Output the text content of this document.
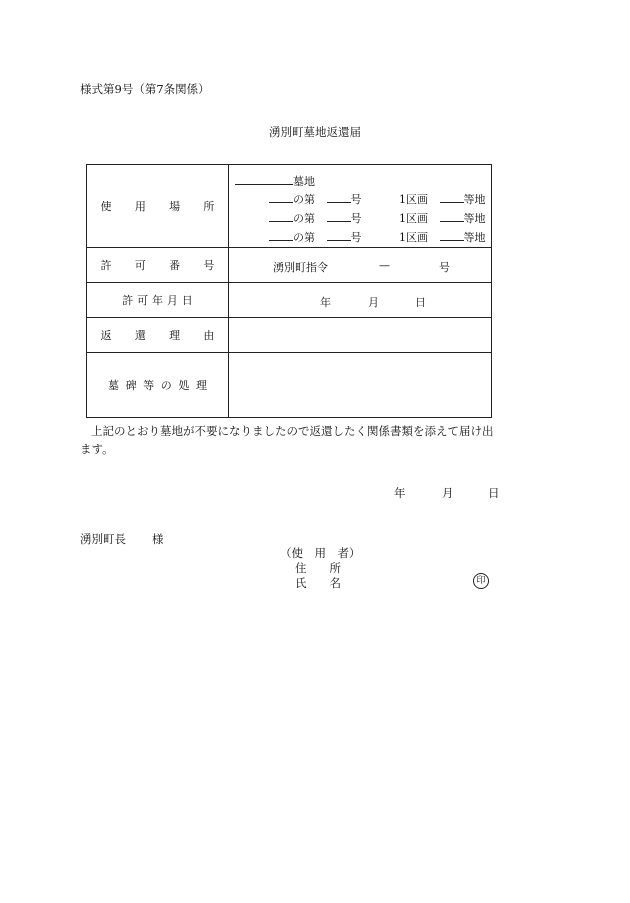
様式第9号（第7条関係）
湧別町墓地返還届
使 用 場 所	墓地
の第 号 1区画 等地
の第 号 1区画 等地
の第 号 1区画 等地

許 可 番 号	湧別町指令 — 号

許可年月日	年 月 日

返 還 理 由	
墓碑等の処理	
上記のとおり墓地が不要になりましたので返還したく関係書類を添えて届け出ます。
年	月	日
湧別町長 様
（使　用　者）
住　　所
氏　　名	印
